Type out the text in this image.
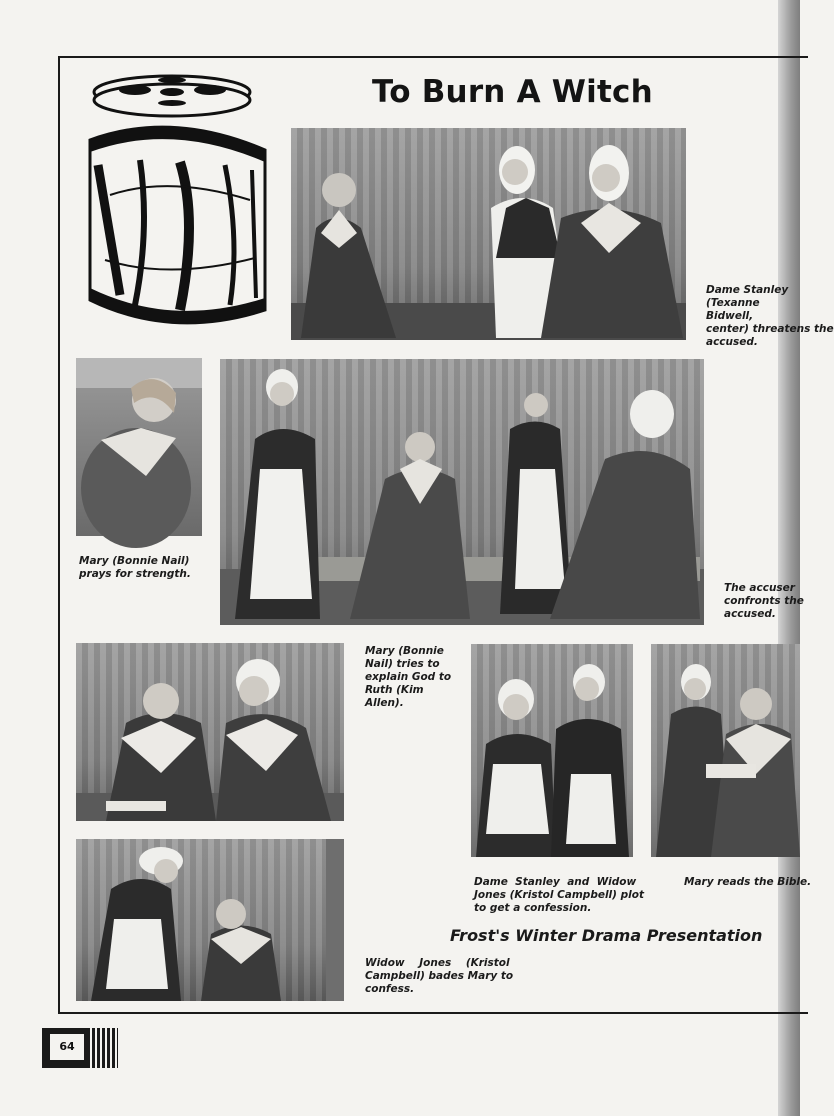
To Burn A Witch
Dame Stanley
(Texanne Bidwell,
center) threatens the
accused.
Mary (Bonnie Nail)
prays for strength.
The accuser
confronts the
accused.
Mary (Bonnie
Nail) tries to
explain God to
Ruth (Kim
Allen).
Dame  Stanley  and  Widow
Jones (Kristol Campbell) plot
to get a confession.
Mary reads the Bible.
Frost's Winter Drama Presentation
Widow    Jones    (Kristol
Campbell) bades Mary to
confess.
64
